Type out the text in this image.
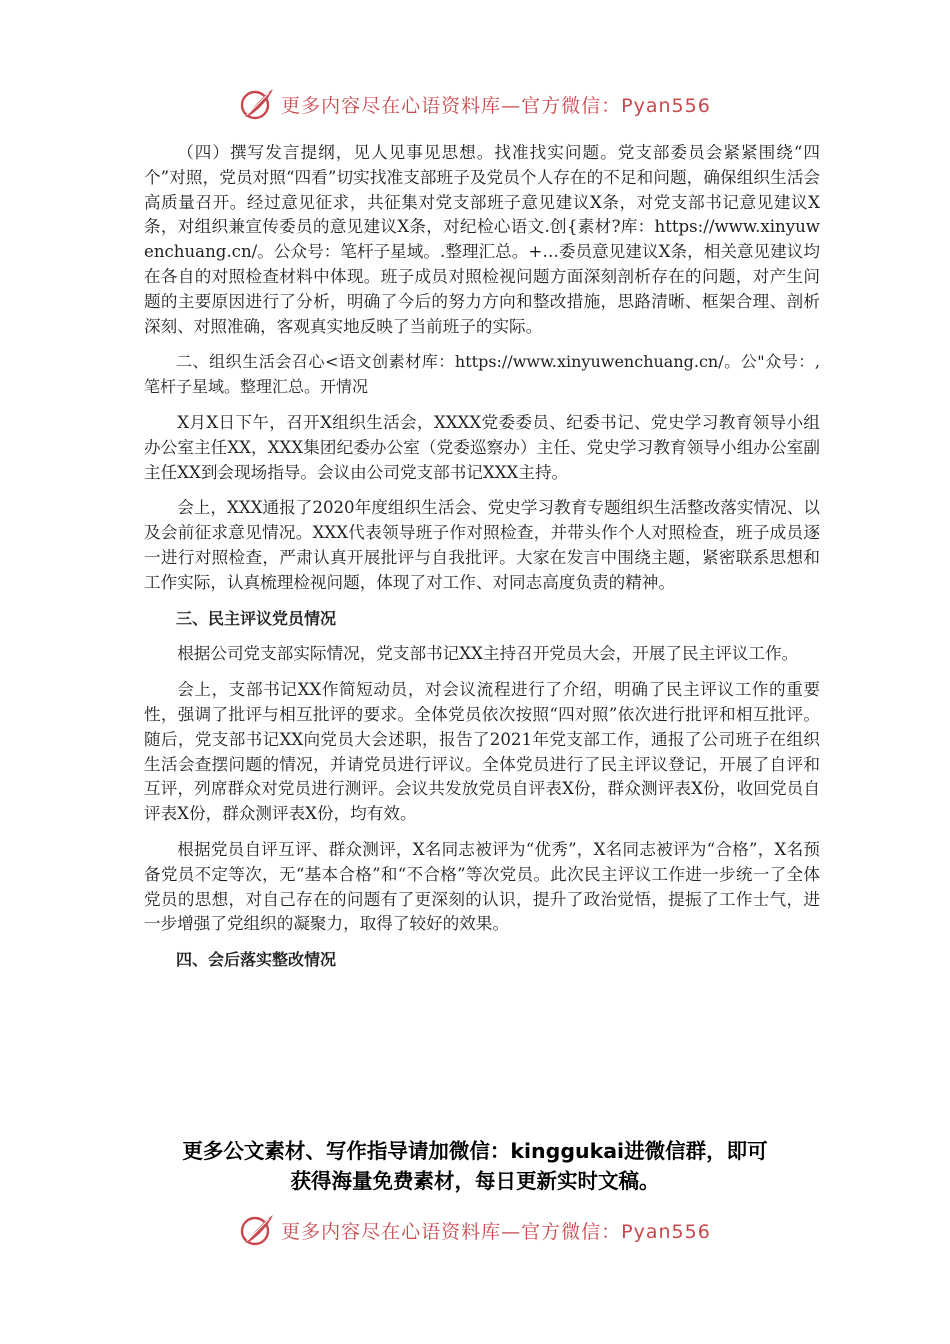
更多内容尽在心语资料库—官方微信：Pyan556

（四）撰写发言提纲，见人见事见思想。找准找实问题。党支部委员会紧紧围绕“四个”对照，党员对照“四看”切实找准支部班子及党员个人存在的不足和问题，确保组织生活会高质量召开。经过意见征求，共征集对党支部班子意见建议X条，对党支部书记意见建议X条，对组织兼宣传委员的意见建议X条，对纪检心语文.创{素材?库：https://www.xinyuwenchuang.cn/。公众号：笔杆子星域。.整理汇总。+…委员意见建议X条，相关意见建议均在各自的对照检查材料中体现。班子成员对照检视问题方面深刻剖析存在的问题，对产生问题的主要原因进行了分析，明确了今后的努力方向和整改措施，思路清晰、框架合理、剖析深刻、对照准确，客观真实地反映了当前班子的实际。

二、组织生活会召心<语文创素材库：https://www.xinyuwenchuang.cn/。公"众号：,笔杆子星域。整理汇总。开情况

X月X日下午，召开X组织生活会，XXXX党委委员、纪委书记、党史学习教育领导小组办公室主任XX，XXX集团纪委办公室（党委巡察办）主任、党史学习教育领导小组办公室副主任XX到会现场指导。会议由公司党支部书记XXX主持。

会上，XXX通报了2020年度组织生活会、党史学习教育专题组织生活整改落实情况、以及会前征求意见情况。XXX代表领导班子作对照检查，并带头作个人对照检查，班子成员逐一进行对照检查，严肃认真开展批评与自我批评。大家在发言中围绕主题，紧密联系思想和工作实际，认真梳理检视问题，体现了对工作、对同志高度负责的精神。

三、民主评议党员情况

根据公司党支部实际情况，党支部书记XX主持召开党员大会，开展了民主评议工作。

会上，支部书记XX作简短动员，对会议流程进行了介绍，明确了民主评议工作的重要性，强调了批评与相互批评的要求。全体党员依次按照“四对照”依次进行批评和相互批评。随后，党支部书记XX向党员大会述职，报告了2021年党支部工作，通报了公司班子在组织生活会查摆问题的情况，并请党员进行评议。全体党员进行了民主评议登记，开展了自评和互评，列席群众对党员进行测评。会议共发放党员自评表X份，群众测评表X份，收回党员自评表X份，群众测评表X份，均有效。

根据党员自评互评、群众测评，X名同志被评为“优秀”，X名同志被评为“合格”，X名预备党员不定等次，无“基本合格”和“不合格”等次党员。此次民主评议工作进一步统一了全体党员的思想，对自己存在的问题有了更深刻的认识，提升了政治觉悟，提振了工作士气，进一步增强了党组织的凝聚力，取得了较好的效果。

四、会后落实整改情况

更多公文素材、写作指导请加微信：kinggukai进微信群，即可
获得海量免费素材，每日更新实时文稿。
更多内容尽在心语资料库—官方微信：Pyan556
